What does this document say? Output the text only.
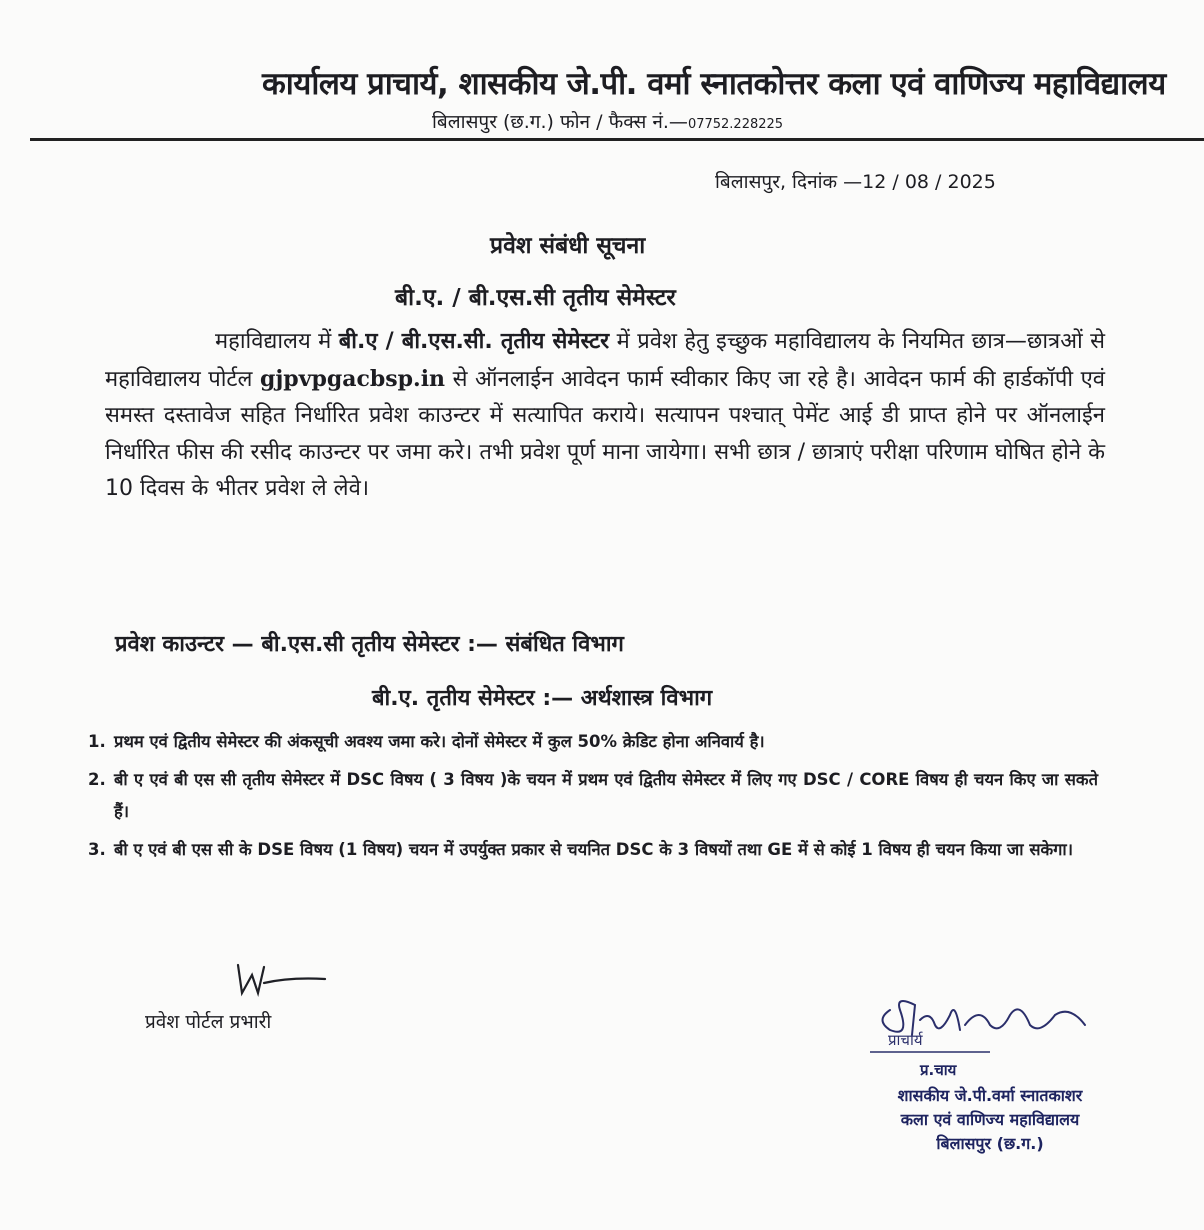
कार्यालय प्राचार्य, शासकीय जे.पी. वर्मा स्नातकोत्तर कला एवं वाणिज्य महाविद्यालय
बिलासपुर (छ.ग.) फोन / फैक्स नं.—07752.228225
बिलासपुर, दिनांक —12 / 08 / 2025
प्रवेश संबंधी सूचना
बी.ए. / बी.एस.सी तृतीय सेमेस्टर
महाविद्यालय में बी.ए / बी.एस.सी. तृतीय सेमेस्टर में प्रवेश हेतु इच्छुक महाविद्यालय के नियमित छात्र—छात्रओं से महाविद्यालय पोर्टल gjpvpgacbsp.in से ऑनलाईन आवेदन फार्म स्वीकार किए जा रहे है। आवेदन फार्म की हार्डकॉपी एवं समस्त दस्तावेज सहित निर्धारित प्रवेश काउन्टर में सत्यापित कराये। सत्यापन पश्चात् पेमेंट आई डी प्राप्त होने पर ऑनलाईन निर्धारित फीस की रसीद काउन्टर पर जमा करे। तभी प्रवेश पूर्ण माना जायेगा। सभी छात्र / छात्राएं परीक्षा परिणाम घोषित होने के 10 दिवस के भीतर प्रवेश ले लेवे।
प्रवेश काउन्टर — बी.एस.सी तृतीय सेमेस्टर :— संबंधित विभाग
बी.ए. तृतीय सेमेस्टर :— अर्थशास्त्र विभाग
1. प्रथम एवं द्वितीय सेमेस्टर की अंकसूची अवश्य जमा करे। दोनों सेमेस्टर में कुल 50% क्रेडिट होना अनिवार्य है।
2. बी ए एवं बी एस सी तृतीय सेमेस्टर में DSC विषय ( 3 विषय )के चयन में प्रथम एवं द्वितीय सेमेस्टर में लिए गए DSC / CORE विषय ही चयन किए जा सकते हैं।
3. बी ए एवं बी एस सी के DSE विषय (1 विषय) चयन में उपर्युक्त प्रकार से चयनित DSC के 3 विषयों तथा GE में से कोई 1 विषय ही चयन किया जा सकेगा।
प्रवेश पोर्टल प्रभारी
प्राचार्य
प्र.चाय
शासकीय जे.पी.वर्मा स्नातकाशर
कला एवं वाणिज्य महाविद्यालय
बिलासपुर (छ.ग.)
